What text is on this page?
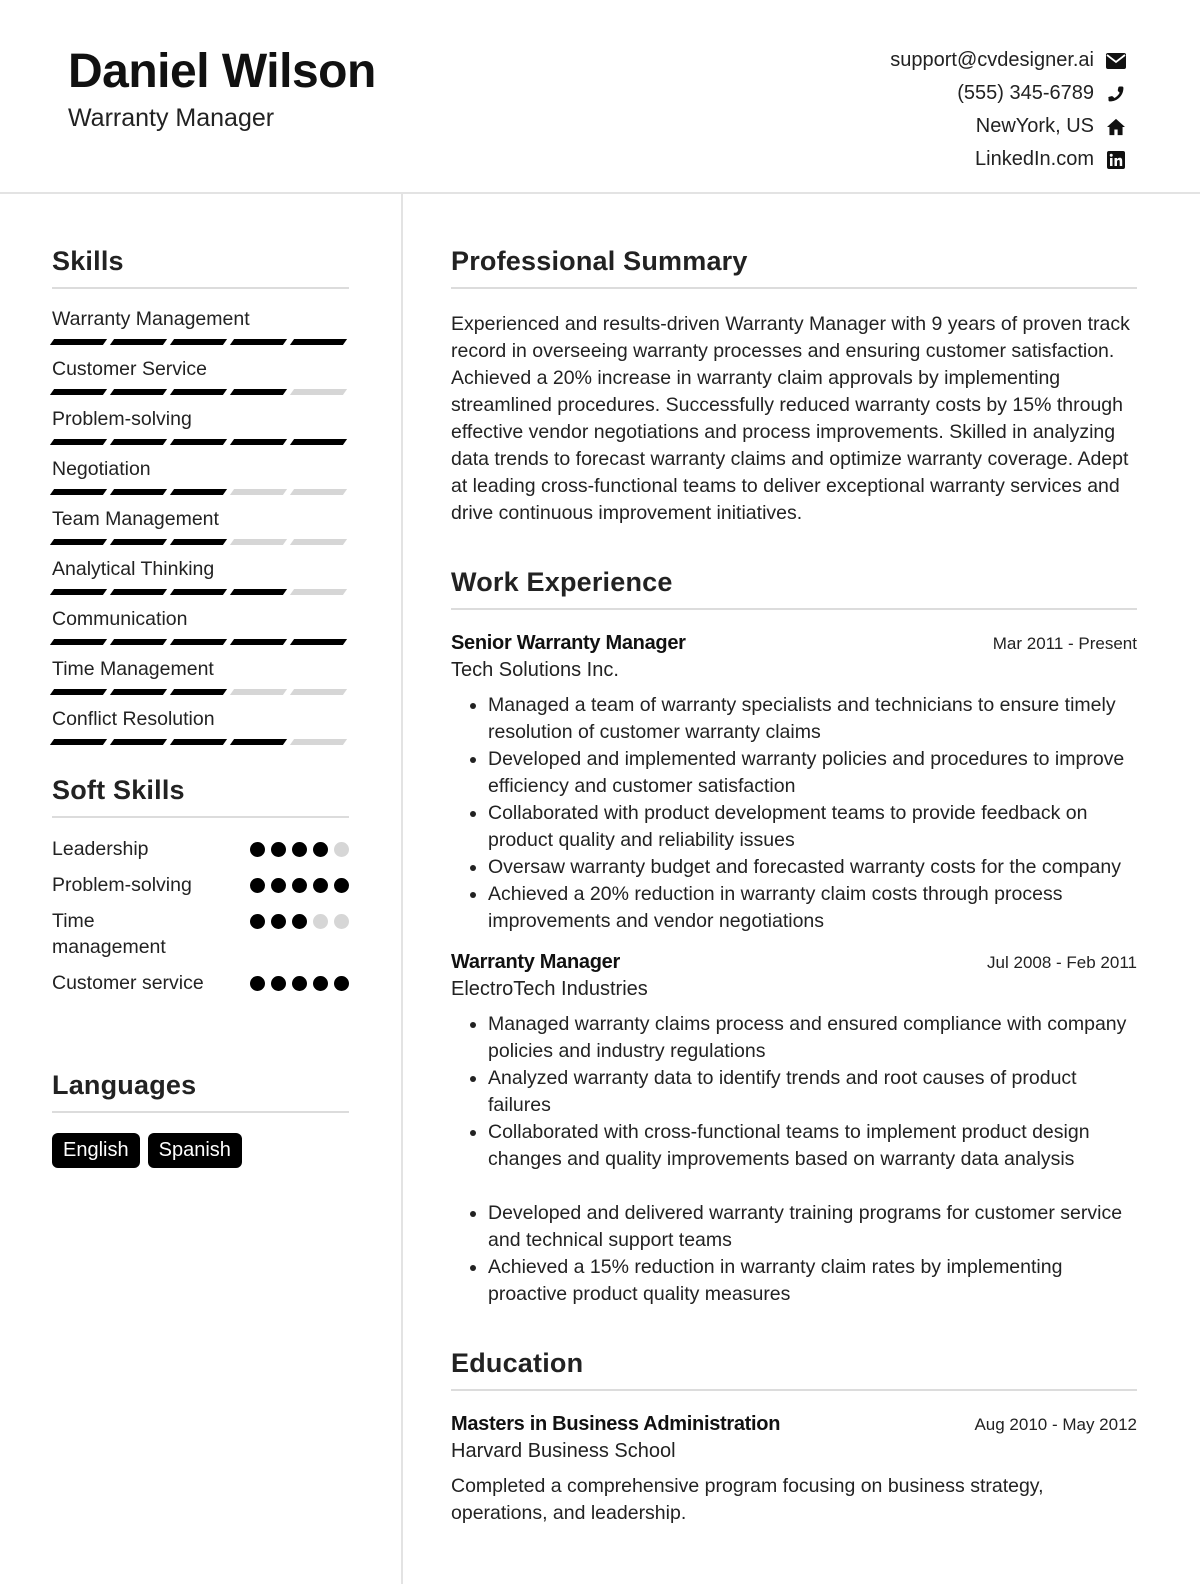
Daniel Wilson
Warranty Manager
support@cvdesigner.ai
(555) 345-6789
NewYork, US
LinkedIn.com
Skills
Warranty Management
Customer Service
Problem-solving
Negotiation
Team Management
Analytical Thinking
Communication
Time Management
Conflict Resolution
Soft Skills
Leadership
Problem-solving
Time management
Customer service
Languages
English	Spanish
Professional Summary

Experienced and results-driven Warranty Manager with 9 years of proven track record in overseeing warranty processes and ensuring customer satisfaction. Achieved a 20% increase in warranty claim approvals by implementing streamlined procedures. Successfully reduced warranty costs by 15% through effective vendor negotiations and process improvements. Skilled in analyzing data trends to forecast warranty claims and optimize warranty coverage. Adept at leading cross-functional teams to deliver exceptional warranty services and drive continuous improvement initiatives.

Work Experience
Senior Warranty Manager	Mar 2011 - Present
Tech Solutions Inc.
• Managed a team of warranty specialists and technicians to ensure timely resolution of customer warranty claims
• Developed and implemented warranty policies and procedures to improve efficiency and customer satisfaction
• Collaborated with product development teams to provide feedback on product quality and reliability issues
• Oversaw warranty budget and forecasted warranty costs for the company
• Achieved a 20% reduction in warranty claim costs through process improvements and vendor negotiations
Warranty Manager	Jul 2008 - Feb 2011
ElectroTech Industries
• Managed warranty claims process and ensured compliance with company policies and industry regulations
• Analyzed warranty data to identify trends and root causes of product failures
• Collaborated with cross-functional teams to implement product design changes and quality improvements based on warranty data analysis
• Developed and delivered warranty training programs for customer service and technical support teams
• Achieved a 15% reduction in warranty claim rates by implementing proactive product quality measures
Education
Masters in Business Administration	Aug 2010 - May 2012
Harvard Business School

Completed a comprehensive program focusing on business strategy, operations, and leadership.
